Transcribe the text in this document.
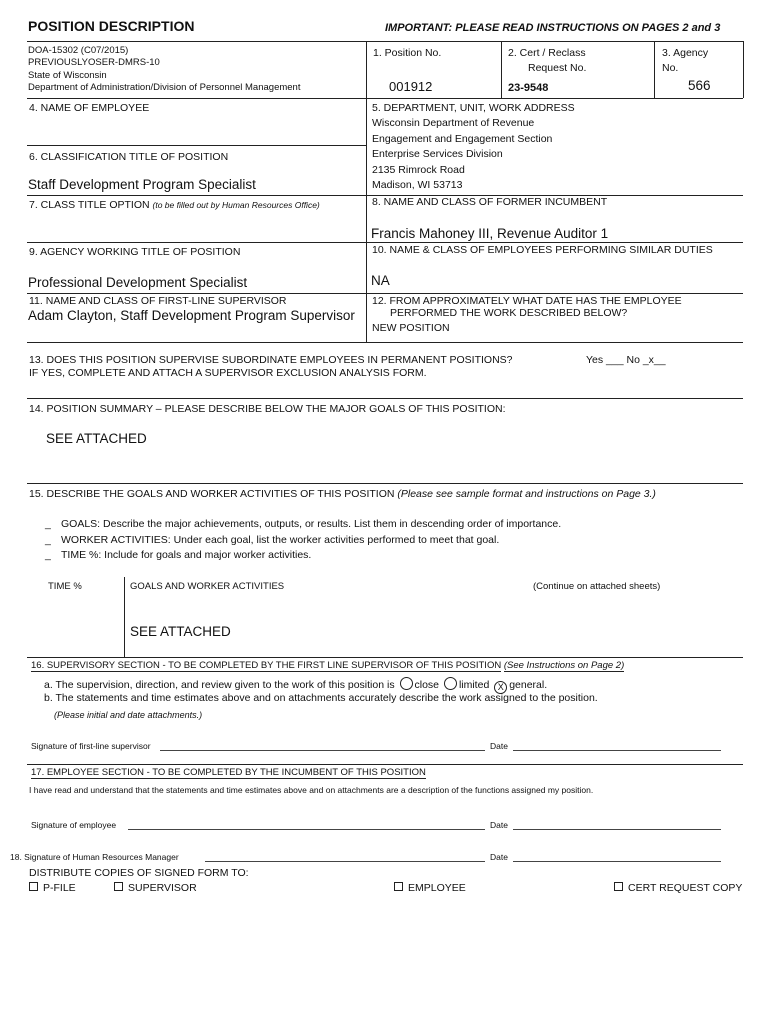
POSITION DESCRIPTION	IMPORTANT: PLEASE READ INSTRUCTIONS ON PAGES 2 and 3
DOA-15302 (C07/2015)
PREVIOUSLYOSER-DMRS-10
State of Wisconsin
Department of Administration/Division of Personnel Management
1. Position No.
001912
2. Cert / Reclass
Request No.
23-9548
3. Agency
No.
566
4. NAME OF EMPLOYEE	5. DEPARTMENT, UNIT, WORK ADDRESS
Wisconsin Department of Revenue
Engagement and Engagement Section
Enterprise Services Division
2135 Rimrock Road
Madison, WI 53713
6. CLASSIFICATION TITLE OF POSITION
Staff Development Program Specialist
7. CLASS TITLE OPTION (to be filled out by Human Resources Office)	8. NAME AND CLASS OF FORMER INCUMBENT
Francis Mahoney III, Revenue Auditor 1
9. AGENCY WORKING TITLE OF POSITION
Professional Development Specialist
10. NAME & CLASS OF EMPLOYEES PERFORMING SIMILAR DUTIES
NA
11. NAME AND CLASS OF FIRST-LINE SUPERVISOR
Adam Clayton, Staff Development Program Supervisor
12. FROM APPROXIMATELY WHAT DATE HAS THE EMPLOYEE
PERFORMED THE WORK DESCRIBED BELOW?
NEW POSITION
13. DOES THIS POSITION SUPERVISE SUBORDINATE EMPLOYEES IN PERMANENT POSITIONS?
IF YES, COMPLETE AND ATTACH A SUPERVISOR EXCLUSION ANALYSIS FORM.
Yes ___ No _x__
14. POSITION SUMMARY – PLEASE DESCRIBE BELOW THE MAJOR GOALS OF THIS POSITION:
SEE ATTACHED
15. DESCRIBE THE GOALS AND WORKER ACTIVITIES OF THIS POSITION (Please see sample format and instructions on Page 3.)
_ GOALS: Describe the major achievements, outputs, or results. List them in descending order of importance.
_ WORKER ACTIVITIES: Under each goal, list the worker activities performed to meet that goal.
_ TIME %: Include for goals and major worker activities.
TIME %	GOALS AND WORKER ACTIVITIES	(Continue on attached sheets)
SEE ATTACHED
16. SUPERVISORY SECTION - TO BE COMPLETED BY THE FIRST LINE SUPERVISOR OF THIS POSITION (See Instructions on Page 2)
a. The supervision, direction, and review given to the work of this position is close limited X general.
b. The statements and time estimates above and on attachments accurately describe the work assigned to the position.
(Please initial and date attachments.)
Signature of first-line supervisor	Date
17. EMPLOYEE SECTION - TO BE COMPLETED BY THE INCUMBENT OF THIS POSITION
I have read and understand that the statements and time estimates above and on attachments are a description of the functions assigned my position.
Signature of employee	Date
18. Signature of Human Resources Manager	Date
DISTRIBUTE COPIES OF SIGNED FORM TO:
P-FILE	SUPERVISOR	EMPLOYEE	CERT REQUEST COPY
